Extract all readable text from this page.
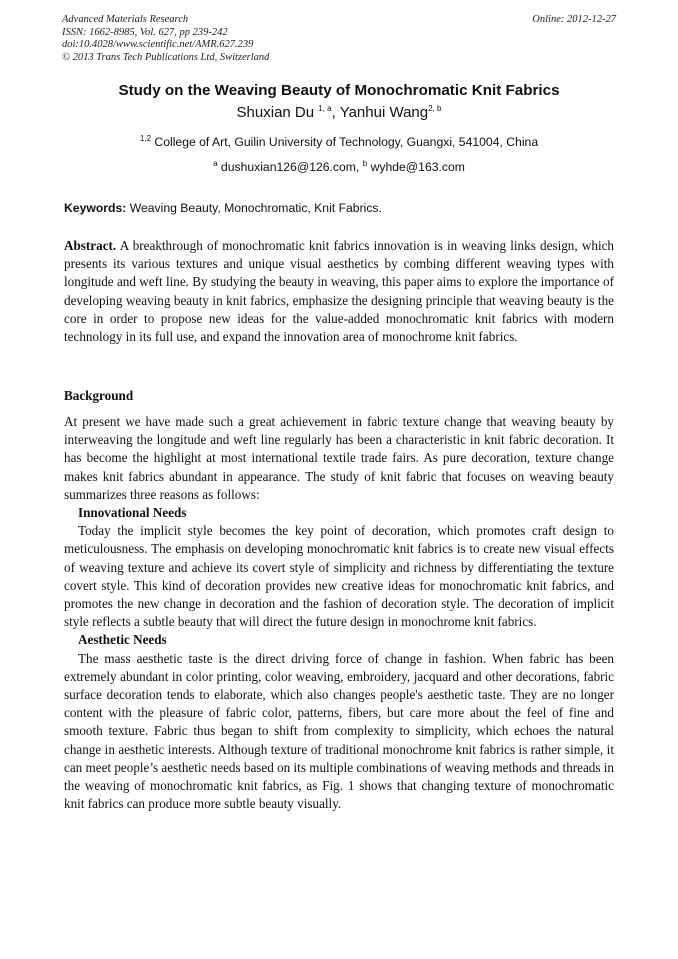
Advanced Materials Research
ISSN: 1662-8985, Vol. 627, pp 239-242
doi:10.4028/www.scientific.net/AMR.627.239
© 2013 Trans Tech Publications Ltd, Switzerland
Online: 2012-12-27
Study on the Weaving Beauty of Monochromatic Knit Fabrics
Shuxian Du $^{1, a}$, Yanhui Wang$^{2, b}$
$^{1,2}$ College of Art, Guilin University of Technology, Guangxi, 541004, China
$^a$ dushuxian126@126.com, $^b$ wyhde@163.com
Keywords: Weaving Beauty, Monochromatic, Knit Fabrics.

Abstract. A breakthrough of monochromatic knit fabrics innovation is in weaving links design, which presents its various textures and unique visual aesthetics by combing different weaving types with longitude and weft line. By studying the beauty in weaving, this paper aims to explore the importance of developing weaving beauty in knit fabrics, emphasize the designing principle that weaving beauty is the core in order to propose new ideas for the value-added monochromatic knit fabrics with modern technology in its full use, and expand the innovation area of monochrome knit fabrics.

Background

At present we have made such a great achievement in fabric texture change that weaving beauty by interweaving the longitude and weft line regularly has been a characteristic in knit fabric decoration. It has become the highlight at most international textile trade fairs. As pure decoration, texture change makes knit fabrics abundant in appearance. The study of knit fabric that focuses on weaving beauty summarizes three reasons as follows:

Innovational Needs

Today the implicit style becomes the key point of decoration, which promotes craft design to meticulousness. The emphasis on developing monochromatic knit fabrics is to create new visual effects of weaving texture and achieve its covert style of simplicity and richness by differentiating the texture covert style. This kind of decoration provides new creative ideas for monochromatic knit fabrics, and promotes the new change in decoration and the fashion of decoration style. The decoration of implicit style reflects a subtle beauty that will direct the future design in monochrome knit fabrics.

Aesthetic Needs

The mass aesthetic taste is the direct driving force of change in fashion. When fabric has been extremely abundant in color printing, color weaving, embroidery, jacquard and other decorations, fabric surface decoration tends to elaborate, which also changes people's aesthetic taste. They are no longer content with the pleasure of fabric color, patterns, fibers, but care more about the feel of fine and smooth texture. Fabric thus began to shift from complexity to simplicity, which echoes the natural change in aesthetic interests. Although texture of traditional monochrome knit fabrics is rather simple, it can meet people’s aesthetic needs based on its multiple combinations of weaving methods and threads in the weaving of monochromatic knit fabrics, as Fig. 1 shows that changing texture of monochromatic knit fabrics can produce more subtle beauty visually.
